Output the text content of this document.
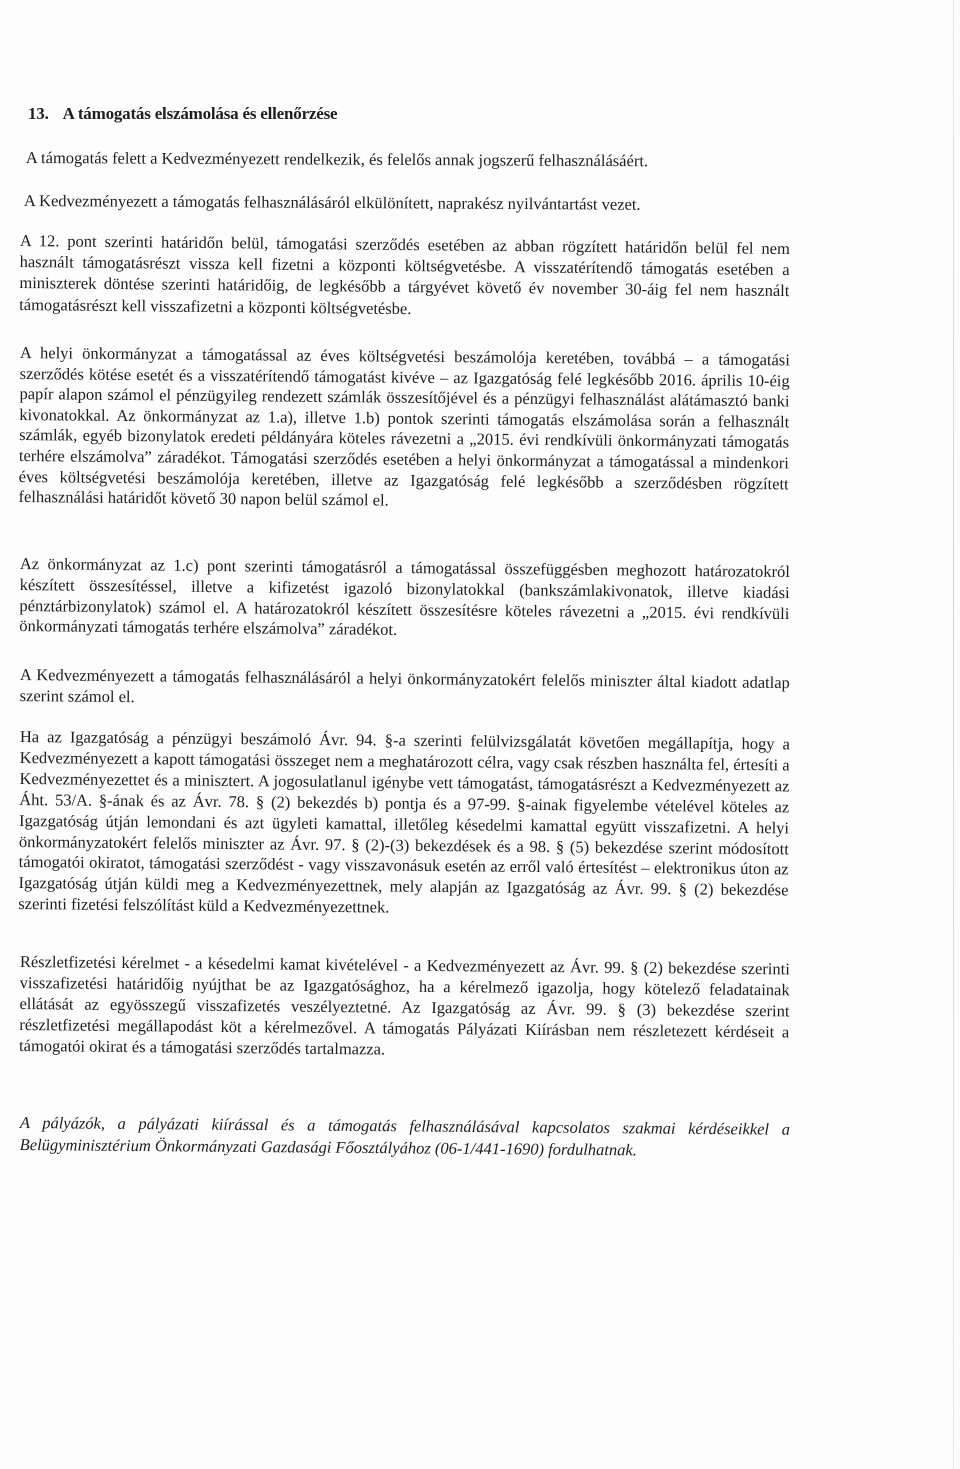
13. A támogatás elszámolása és ellenőrzése
A támogatás felett a Kedvezményezett rendelkezik, és felelős annak jogszerű felhasználásáért.
A Kedvezményezett a támogatás felhasználásáról elkülönített, naprakész nyilvántartást vezet.
A 12. pont szerinti határidőn belül, támogatási szerződés esetében az abban rögzített határidőn belül fel nem használt támogatásrészt vissza kell fizetni a központi költségvetésbe. A visszatérítendő támogatás esetében a miniszterek döntése szerinti határidőig, de legkésőbb a tárgyévet követő év november 30-áig fel nem használt támogatásrészt kell visszafizetni a központi költségvetésbe.
A helyi önkormányzat a támogatással az éves költségvetési beszámolója keretében, továbbá – a támogatási szerződés kötése esetét és a visszatérítendő támogatást kivéve – az Igazgatóság felé legkésőbb 2016. április 10-éig papír alapon számol el pénzügyileg rendezett számlák összesítőjével és a pénzügyi felhasználást alátámasztó banki kivonatokkal. Az önkormányzat az 1.a), illetve 1.b) pontok szerinti támogatás elszámolása során a felhasznált számlák, egyéb bizonylatok eredeti példányára köteles rávezetni a „2015. évi rendkívüli önkormányzati támogatás terhére elszámolva” záradékot. Támogatási szerződés esetében a helyi önkormányzat a támogatással a mindenkori éves költségvetési beszámolója keretében, illetve az Igazgatóság felé legkésőbb a szerződésben rögzített felhasználási határidőt követő 30 napon belül számol el.
Az önkormányzat az 1.c) pont szerinti támogatásról a támogatással összefüggésben meghozott határozatokról készített összesítéssel, illetve a kifizetést igazoló bizonylatokkal (bankszámlakivonatok, illetve kiadási pénztárbizonylatok) számol el. A határozatokról készített összesítésre köteles rávezetni a „2015. évi rendkívüli önkormányzati támogatás terhére elszámolva” záradékot.
A Kedvezményezett a támogatás felhasználásáról a helyi önkormányzatokért felelős miniszter által kiadott adatlap szerint számol el.
Ha az Igazgatóság a pénzügyi beszámoló Ávr. 94. §-a szerinti felülvizsgálatát követően megállapítja, hogy a Kedvezményezett a kapott támogatási összeget nem a meghatározott célra, vagy csak részben használta fel, értesíti a Kedvezményezettet és a minisztert. A jogosulatlanul igénybe vett támogatást, támogatásrészt a Kedvezményezett az Áht. 53/A. §-ának és az Ávr. 78. § (2) bekezdés b) pontja és a 97-99. §-ainak figyelembe vételével köteles az Igazgatóság útján lemondani és azt ügyleti kamattal, illetőleg késedelmi kamattal együtt visszafizetni. A helyi önkormányzatokért felelős miniszter az Ávr. 97. § (2)-(3) bekezdések és a 98. § (5) bekezdése szerint módosított támogatói okiratot, támogatási szerződést - vagy visszavonásuk esetén az erről való értesítést – elektronikus úton az Igazgatóság útján küldi meg a Kedvezményezettnek, mely alapján az Igazgatóság az Ávr. 99. § (2) bekezdése szerinti fizetési felszólítást küld a Kedvezményezettnek.
Részletfizetési kérelmet - a késedelmi kamat kivételével - a Kedvezményezett az Ávr. 99. § (2) bekezdése szerinti visszafizetési határidőig nyújthat be az Igazgatósághoz, ha a kérelmező igazolja, hogy kötelező feladatainak ellátását az egyösszegű visszafizetés veszélyeztetné. Az Igazgatóság az Ávr. 99. § (3) bekezdése szerint részletfizetési megállapodást köt a kérelmezővel. A támogatás Pályázati Kiírásban nem részletezett kérdéseit a támogatói okirat és a támogatási szerződés tartalmazza.
A pályázók, a pályázati kiírással és a támogatás felhasználásával kapcsolatos szakmai kérdéseikkel a Belügyminisztérium Önkormányzati Gazdasági Főosztályához (06-1/441-1690) fordulhatnak.
